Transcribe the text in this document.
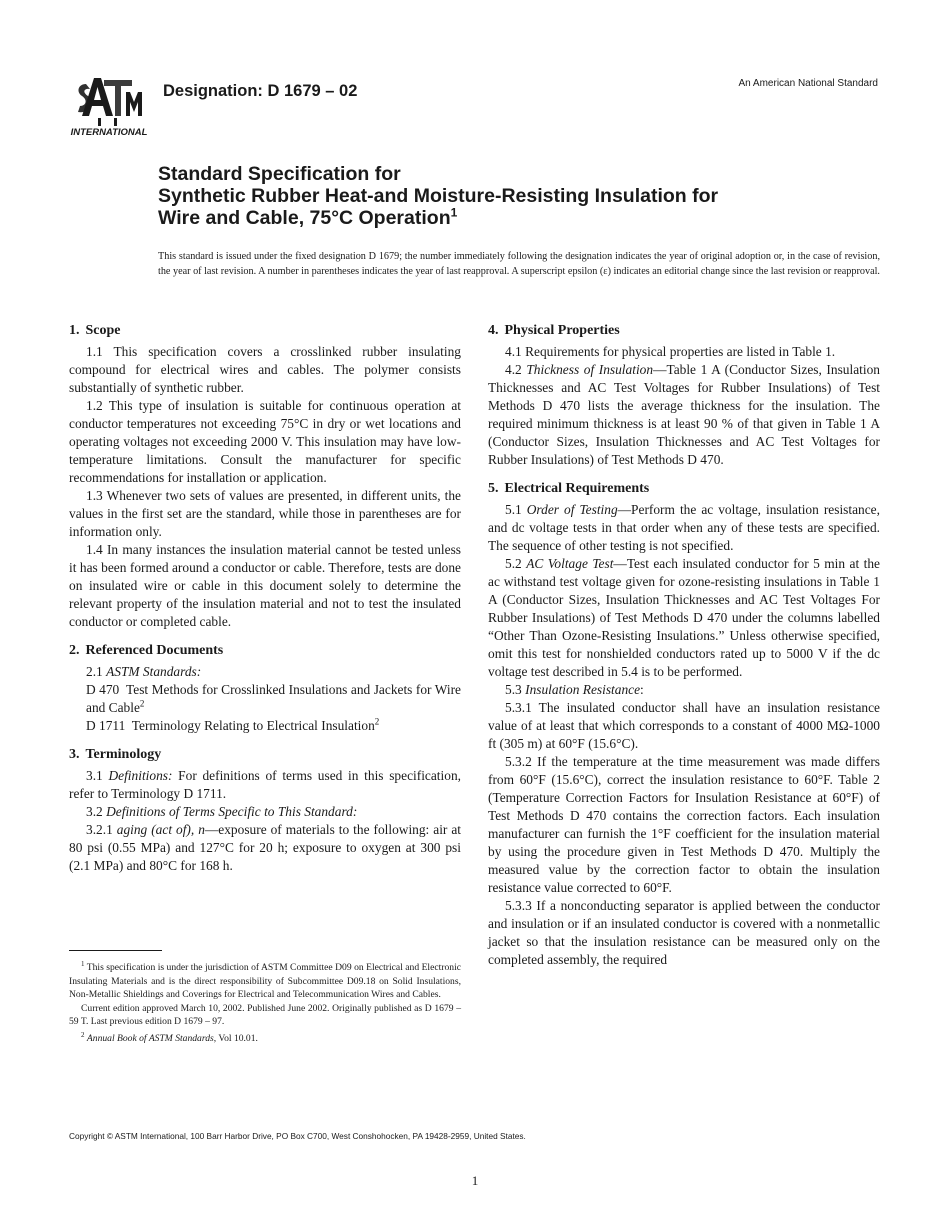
INTERNATIONAL
Designation: D 1679 – 02	An American National Standard
Standard Specification for
Synthetic Rubber Heat-and Moisture-Resisting Insulation for
Wire and Cable, 75°C Operation$^1$
This standard is issued under the fixed designation D 1679; the number immediately following the designation indicates the year of original adoption or, in the case of revision, the year of last revision. A number in parentheses indicates the year of last reapproval. A superscript epsilon (ε) indicates an editorial change since the last revision or reapproval.
1. Scope

1.1 This specification covers a crosslinked rubber insulating compound for electrical wires and cables. The polymer consists substantially of synthetic rubber.

1.2 This type of insulation is suitable for continuous operation at conductor temperatures not exceeding 75°C in dry or wet locations and operating voltages not exceeding 2000 V. This insulation may have low-temperature limitations. Consult the manufacturer for specific recommendations for installation or application.

1.3 Whenever two sets of values are presented, in different units, the values in the first set are the standard, while those in parentheses are for information only.

1.4 In many instances the insulation material cannot be tested unless it has been formed around a conductor or cable. Therefore, tests are done on insulated wire or cable in this document solely to determine the relevant property of the insulation material and not to test the insulated conductor or completed cable.

2. Referenced Documents

2.1 ASTM Standards:

D 470 Test Methods for Crosslinked Insulations and Jackets for Wire and Cable$^2$

D 1711 Terminology Relating to Electrical Insulation$^2$

3. Terminology

3.1 Definitions: For definitions of terms used in this specification, refer to Terminology D 1711.

3.2 Definitions of Terms Specific to This Standard:

3.2.1 aging (act of), n—exposure of materials to the following: air at 80 psi (0.55 MPa) and 127°C for 20 h; exposure to oxygen at 300 psi (2.1 MPa) and 80°C for 168 h.

4. Physical Properties

4.1 Requirements for physical properties are listed in Table 1.

4.2 Thickness of Insulation—Table 1 A (Conductor Sizes, Insulation Thicknesses and AC Test Voltages for Rubber Insulations) of Test Methods D 470 lists the average thickness for the insulation. The required minimum thickness is at least 90 % of that given in Table 1 A (Conductor Sizes, Insulation Thicknesses and AC Test Voltages for Rubber Insulations) of Test Methods D 470.

5. Electrical Requirements

5.1 Order of Testing—Perform the ac voltage, insulation resistance, and dc voltage tests in that order when any of these tests are specified. The sequence of other testing is not specified.

5.2 AC Voltage Test—Test each insulated conductor for 5 min at the ac withstand test voltage given for ozone-resisting insulations in Table 1 A (Conductor Sizes, Insulation Thicknesses and AC Test Voltages For Rubber Insulations) of Test Methods D 470 under the columns labelled “Other Than Ozone-Resisting Insulations.” Unless otherwise specified, omit this test for nonshielded conductors rated up to 5000 V if the dc voltage test described in 5.4 is to be performed.

5.3 Insulation Resistance:

5.3.1 The insulated conductor shall have an insulation resistance value of at least that which corresponds to a constant of 4000 MΩ-1000 ft (305 m) at 60°F (15.6°C).

5.3.2 If the temperature at the time measurement was made differs from 60°F (15.6°C), correct the insulation resistance to 60°F. Table 2 (Temperature Correction Factors for Insulation Resistance at 60°F) of Test Methods D 470 contains the correction factors. Each insulation manufacturer can furnish the 1°F coefficient for the insulation material by using the procedure given in Test Methods D 470. Multiply the measured value by the correction factor to obtain the insulation resistance value corrected to 60°F.

5.3.3 If a nonconducting separator is applied between the conductor and insulation or if an insulated conductor is covered with a nonmetallic jacket so that the insulation resistance can be measured only on the completed assembly, the required

$^1$ This specification is under the jurisdiction of ASTM Committee D09 on Electrical and Electronic Insulating Materials and is the direct responsibility of Subcommittee D09.18 on Solid Insulations, Non-Metallic Shieldings and Coverings for Electrical and Telecommunication Wires and Cables.

Current edition approved March 10, 2002. Published June 2002. Originally published as D 1679 – 59 T. Last previous edition D 1679 – 97.

$^2$ Annual Book of ASTM Standards, Vol 10.01.

Copyright © ASTM International, 100 Barr Harbor Drive, PO Box C700, West Conshohocken, PA 19428-2959, United States.
1
